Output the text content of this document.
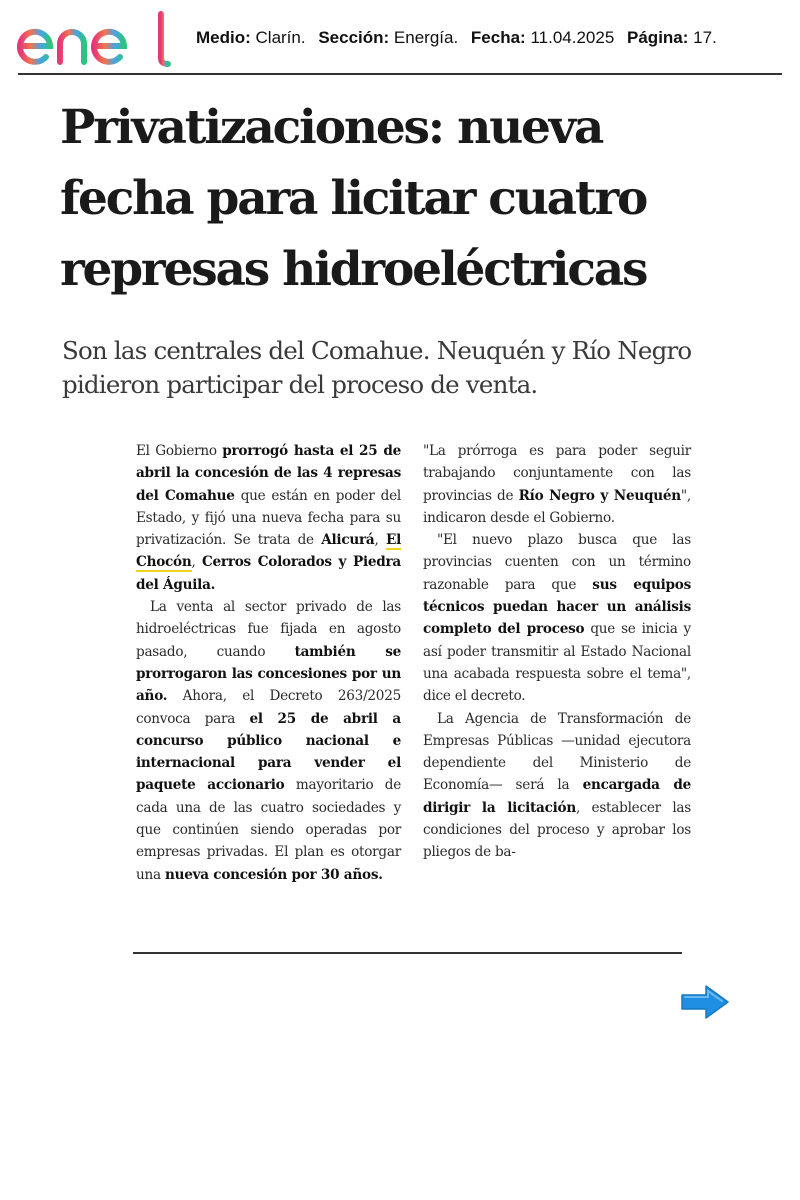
Medio: Clarín. Sección: Energía. Fecha: 11.04.2025 Página: 17.
Privatizaciones: nueva
fecha para licitar cuatro
represas hidroeléctricas
Son las centrales del Comahue. Neuquén y Río Negro
pidieron participar del proceso de venta.

El Gobierno prorrogó hasta el 25 de abril la concesión de las 4 represas del Comahue que están en poder del Estado, y fijó una nueva fecha para su privatización. Se trata de Alicurá, El Chocón, Cerros Colorados y Piedra del Águila.

La venta al sector privado de las hidroeléctricas fue fijada en agosto pasado, cuando también se prorrogaron las concesiones por un año. Ahora, el Decreto 263/2025 convoca para el 25 de abril a concurso público nacional e internacional para vender el paquete accionario mayoritario de cada una de las cuatro sociedades y que continúen siendo operadas por empresas privadas. El plan es otorgar una nueva concesión por 30 años.

"La prórroga es para poder seguir trabajando conjuntamente con las provincias de Río Negro y Neuquén", indicaron desde el Gobierno.

"El nuevo plazo busca que las provincias cuenten con un término razonable para que sus equipos técnicos puedan hacer un análisis completo del proceso que se inicia y así poder transmitir al Estado Nacional una acabada respuesta sobre el tema", dice el decreto.

La Agencia de Transformación de Empresas Públicas —unidad ejecutora dependiente del Ministerio de Economía— será la encargada de dirigir la licitación, establecer las condiciones del proceso y aprobar los pliegos de ba-
